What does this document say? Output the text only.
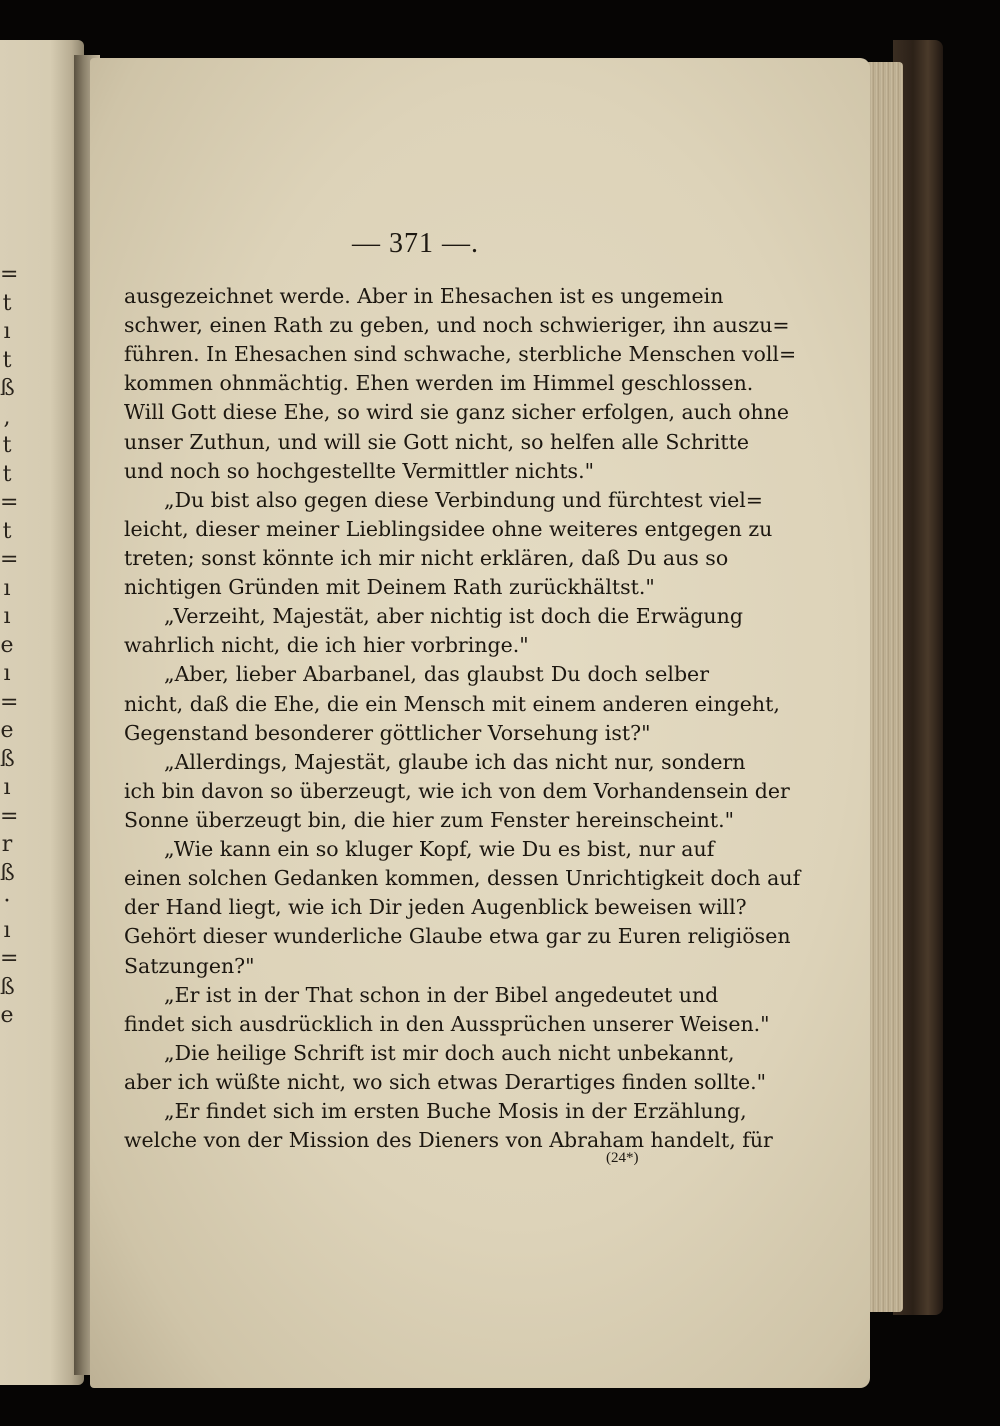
=
t
ı
t
ß
,
t
t
=
t
=
ı
ı
e
ı
=
e
ß
ı
=
r
ß
·
ı
=
ß
e
— 371 —.
ausgezeichnet werde. Aber in Ehesachen ist es ungemein
schwer, einen Rath zu geben, und noch schwieriger, ihn auszu=
führen. In Ehesachen sind schwache, sterbliche Menschen voll=
kommen ohnmächtig. Ehen werden im Himmel geschlossen.
Will Gott diese Ehe, so wird sie ganz sicher erfolgen, auch ohne
unser Zuthun, und will sie Gott nicht, so helfen alle Schritte
und noch so hochgestellte Vermittler nichts."
„Du bist also gegen diese Verbindung und fürchtest viel=
leicht, dieser meiner Lieblingsidee ohne weiteres entgegen zu
treten; sonst könnte ich mir nicht erklären, daß Du aus so
nichtigen Gründen mit Deinem Rath zurückhältst."
„Verzeiht, Majestät, aber nichtig ist doch die Erwägung
wahrlich nicht, die ich hier vorbringe."
„Aber, lieber Abarbanel, das glaubst Du doch selber
nicht, daß die Ehe, die ein Mensch mit einem anderen eingeht,
Gegenstand besonderer göttlicher Vorsehung ist?"
„Allerdings, Majestät, glaube ich das nicht nur, sondern
ich bin davon so überzeugt, wie ich von dem Vorhandensein der
Sonne überzeugt bin, die hier zum Fenster hereinscheint."
„Wie kann ein so kluger Kopf, wie Du es bist, nur auf
einen solchen Gedanken kommen, dessen Unrichtigkeit doch auf
der Hand liegt, wie ich Dir jeden Augenblick beweisen will?
Gehört dieser wunderliche Glaube etwa gar zu Euren religiösen
Satzungen?"
„Er ist in der That schon in der Bibel angedeutet und
findet sich ausdrücklich in den Aussprüchen unserer Weisen."
„Die heilige Schrift ist mir doch auch nicht unbekannt,
aber ich wüßte nicht, wo sich etwas Derartiges finden sollte."
„Er findet sich im ersten Buche Mosis in der Erzählung,
welche von der Mission des Dieners von Abraham handelt, für
(24*)
